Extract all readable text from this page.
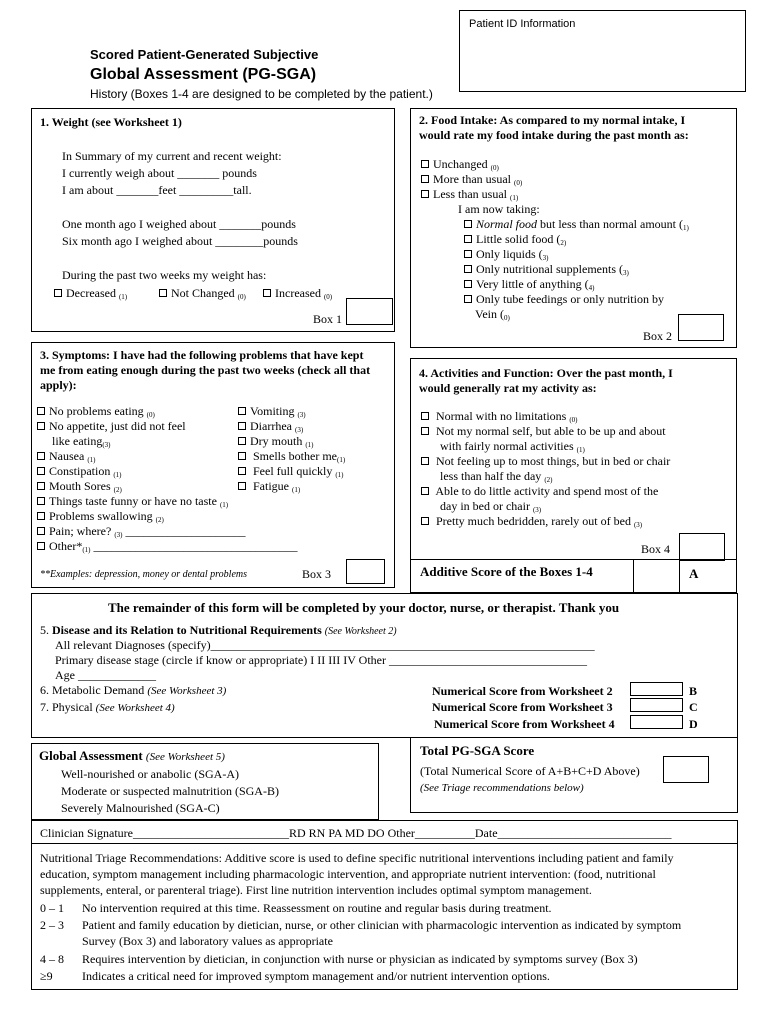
Patient ID Information
Scored Patient-Generated Subjective
Global Assessment (PG-SGA)
History (Boxes 1-4 are designed to be completed by the patient.)
1. Weight (see Worksheet 1)
In Summary of my current and recent weight:
I currently weigh about _______ pounds
I am about _______feet _________tall.
One month ago I weighed about _______pounds
Six month ago I weighed about ________pounds
During the past two weeks my weight has:
Decreased $_{(1)}$	Not Changed $_{(0)}$	Increased $_{(0)}$
Box 1
2. Food Intake: As compared to my normal intake, I
would rate my food intake during the past month as:
Unchanged $_{(0)}$
More than usual $_{(0)}$
Less than usual $_{(1)}$
I am now taking:
Normal food but less than normal amount ($_{1)}$
Little solid food ($_{2)}$
Only liquids ($_{3)}$
Only nutritional supplements ($_{3)}$
Very little of anything ($_{4)}$
Only tube feedings or only nutrition by
Vein ($_{0)}$
Box 2
3. Symptoms: I have had the following problems that have kept
me from eating enough during the past two weeks (check all that
apply):
No problems eating $_{(0)}$
No appetite, just did not feel
like eating$_{(3)}$
Nausea $_{(1)}$
Constipation $_{(1)}$
Mouth Sores $_{(2)}$
Things taste funny or have no taste $_{(1)}$
Problems swallowing $_{(2)}$
Pain; where? $_{(3)}$ ____________________
$Other*_{(1)}$ __________________________________
Vomiting $_{(3)}$
Diarrhea $_{(3)}$
Dry mouth $_{(1)}$
Smells bother $me_{(1)}$
Feel full quickly $_{(1)}$
Fatigue $_{(1)}$
**Examples: depression, money or dental problems	Box 3
4. Activities and Function: Over the past month, I
would generally rat my activity as:
Normal with no limitations $_{(0)}$
Not my normal self, but able to be up and about
with fairly normal activities $_{(1)}$
Not feeling up to most things, but in bed or chair
less than half the day $_{(2)}$
Able to do little activity and spend most of the
day in bed or chair $_{(3)}$
Pretty much bedridden, rarely out of bed $_{(3)}$
Box 4
Additive Score of the Boxes 1-4	A
The remainder of this form will be completed by your doctor, nurse, or therapist. Thank you
5. Disease and its Relation to Nutritional Requirements (See Worksheet 2)
All relevant Diagnoses (specify)________________________________________________________________
Primary disease stage (circle if know or appropriate) I II III IV Other _________________________________
Age _____________
6. Metabolic Demand (See Worksheet 3)
7. Physical (See Worksheet 4)
Numerical Score from Worksheet 2	B
Numerical Score from Worksheet 3	C
Numerical Score from Worksheet 4	D
Global Assessment (See Worksheet 5)
Well-nourished or anabolic (SGA-A)
Moderate or suspected malnutrition (SGA-B)
Severely Malnourished (SGA-C)
Total PG-SGA Score
(Total Numerical Score of A+B+C+D Above)
(See Triage recommendations below)
Clinician Signature__________________________RD RN PA MD DO Other__________Date_____________________________
Nutritional Triage Recommendations: Additive score is used to define specific nutritional interventions including patient and family
education, symptom management including pharmacologic intervention, and appropriate nutrient intervention: (food, nutritional
supplements, enteral, or parenteral triage). First line nutrition intervention includes optimal symptom management.
0 – 1 No intervention required at this time. Reassessment on routine and regular basis during treatment.
2 – 3 Patient and family education by dietician, nurse, or other clinician with pharmacologic intervention as indicated by symptom
Survey (Box 3) and laboratory values as appropriate
4 – 8 Requires intervention by dietician, in conjunction with nurse or physician as indicated by symptoms survey (Box 3)
≥9 Indicates a critical need for improved symptom management and/or nutrient intervention options.
